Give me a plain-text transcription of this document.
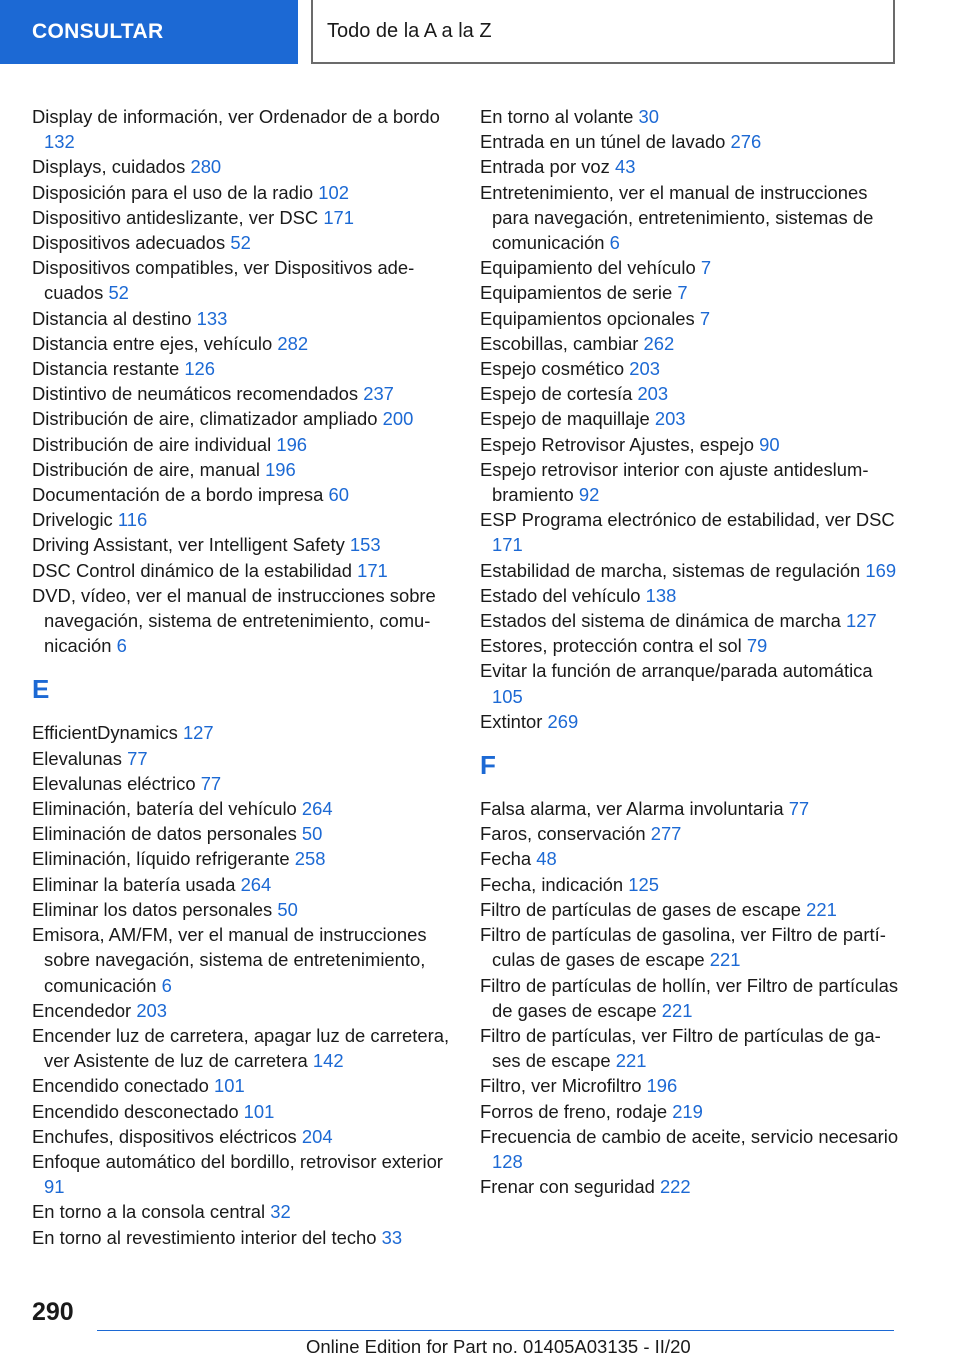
CONSULTAR	Todo de la A a la Z
Display de información, ver Ordenador de a bordo 132
Displays, cuidados 280
Disposición para el uso de la radio 102
Dispositivo antideslizante, ver DSC 171
Dispositivos adecuados 52
Dispositivos compatibles, ver Dispositivos adecuados 52
Distancia al destino 133
Distancia entre ejes, vehículo 282
Distancia restante 126
Distintivo de neumáticos recomendados 237
Distribución de aire, climatizador ampliado 200
Distribución de aire individual 196
Distribución de aire, manual 196
Documentación de a bordo impresa 60
Drivelogic 116
Driving Assistant, ver Intelligent Safety 153
DSC Control dinámico de la estabilidad 171
DVD, vídeo, ver el manual de instrucciones sobre navegación, sistema de entretenimiento, comunicación 6
E
EfficientDynamics 127
Elevalunas 77
Elevalunas eléctrico 77
Eliminación, batería del vehículo 264
Eliminación de datos personales 50
Eliminación, líquido refrigerante 258
Eliminar la batería usada 264
Eliminar los datos personales 50
Emisora, AM/FM, ver el manual de instrucciones sobre navegación, sistema de entretenimiento, comunicación 6
Encendedor 203
Encender luz de carretera, apagar luz de carretera, ver Asistente de luz de carretera 142
Encendido conectado 101
Encendido desconectado 101
Enchufes, dispositivos eléctricos 204
Enfoque automático del bordillo, retrovisor exterior 91
En torno a la consola central 32
En torno al revestimiento interior del techo 33
En torno al volante 30
Entrada en un túnel de lavado 276
Entrada por voz 43
Entretenimiento, ver el manual de instrucciones para navegación, entretenimiento, sistemas de comunicación 6
Equipamiento del vehículo 7
Equipamientos de serie 7
Equipamientos opcionales 7
Escobillas, cambiar 262
Espejo cosmético 203
Espejo de cortesía 203
Espejo de maquillaje 203
Espejo Retrovisor Ajustes, espejo 90
Espejo retrovisor interior con ajuste antideslumbramiento 92
ESP Programa electrónico de estabilidad, ver DSC 171
Estabilidad de marcha, sistemas de regulación 169
Estado del vehículo 138
Estados del sistema de dinámica de marcha 127
Estores, protección contra el sol 79
Evitar la función de arranque/parada automática 105
Extintor 269
F
Falsa alarma, ver Alarma involuntaria 77
Faros, conservación 277
Fecha 48
Fecha, indicación 125
Filtro de partículas de gases de escape 221
Filtro de partículas de gasolina, ver Filtro de partículas de gases de escape 221
Filtro de partículas de hollín, ver Filtro de partículas de gases de escape 221
Filtro de partículas, ver Filtro de partículas de gases de escape 221
Filtro, ver Microfiltro 196
Forros de freno, rodaje 219
Frecuencia de cambio de aceite, servicio necesario 128
Frenar con seguridad 222
290
Online Edition for Part no. 01405A03135 - II/20
